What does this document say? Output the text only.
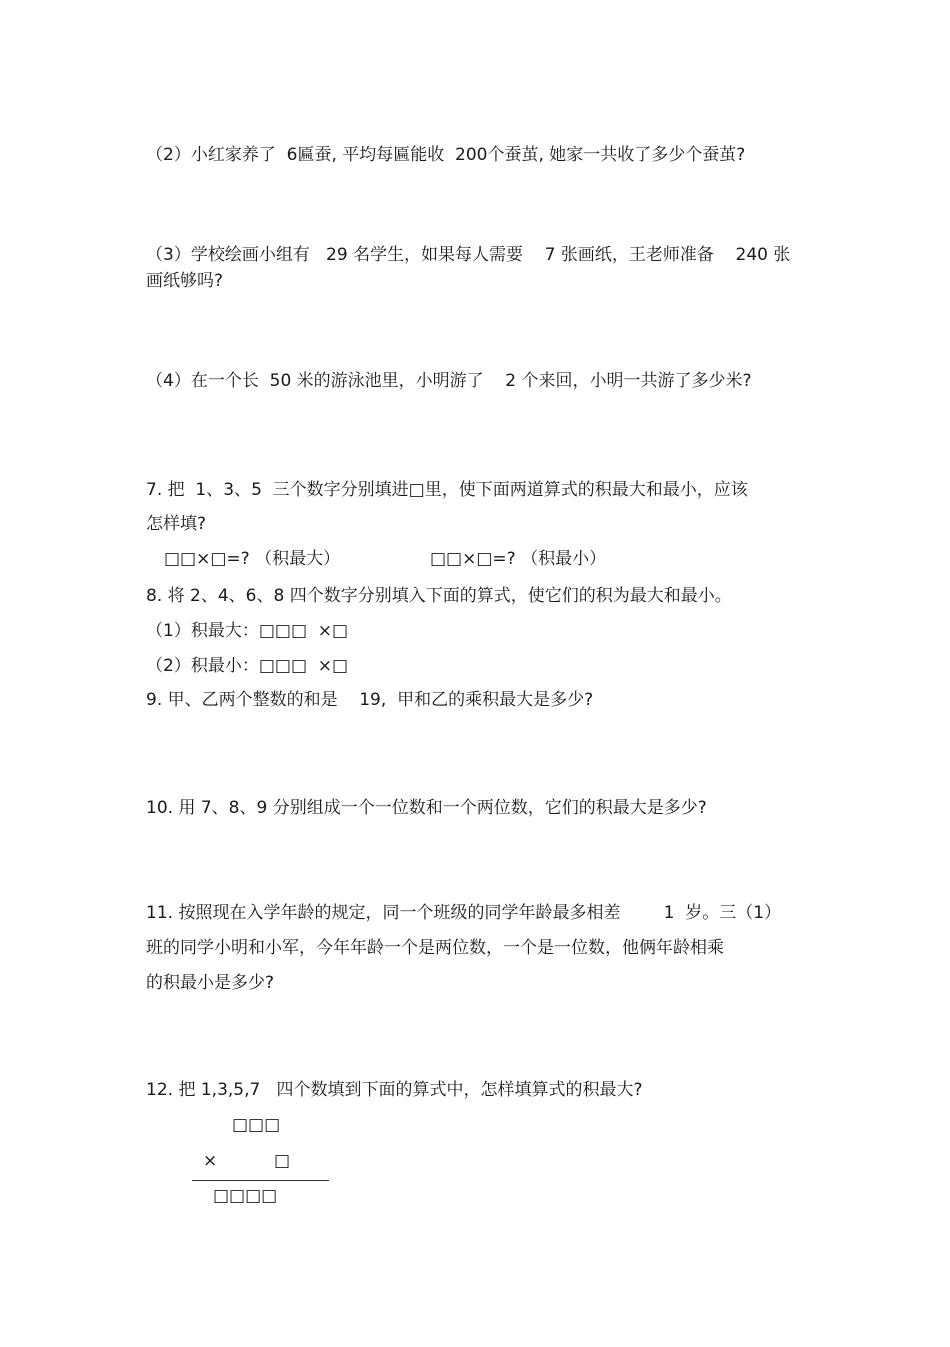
（2）小红家养了  6匾蚕, 平均每匾能收  200个蚕茧, 她家一共收了多少个蚕茧?
（3）学校绘画小组有   29 名学生，如果每人需要    7 张画纸，王老师准备    240 张
画纸够吗?
（4）在一个长  50 米的游泳池里，小明游了    2 个来回，小明一共游了多少米?
7. 把  1、3、5  三个数字分别填进□里，使下面两道算式的积最大和最小，应该
怎样填?
□□×□=? （积最大）	□□×□=? （积最小）
8. 将 2、4、6、8 四个数字分别填入下面的算式，使它们的积为最大和最小。
（1）积最大：□□□  ×□
（2）积最小：□□□  ×□
9. 甲、乙两个整数的和是    19,  甲和乙的乘积最大是多少?
10. 用 7、8、9 分别组成一个一位数和一个两位数，它们的积最大是多少?
11. 按照现在入学年龄的规定，同一个班级的同学年龄最多相差        1  岁。三（1）
班的同学小明和小军，今年年龄一个是两位数，一个是一位数，他俩年龄相乘
的积最小是多少?
12. 把 1,3,5,7   四个数填到下面的算式中，怎样填算式的积最大?
□□□
×	□
□□□□
